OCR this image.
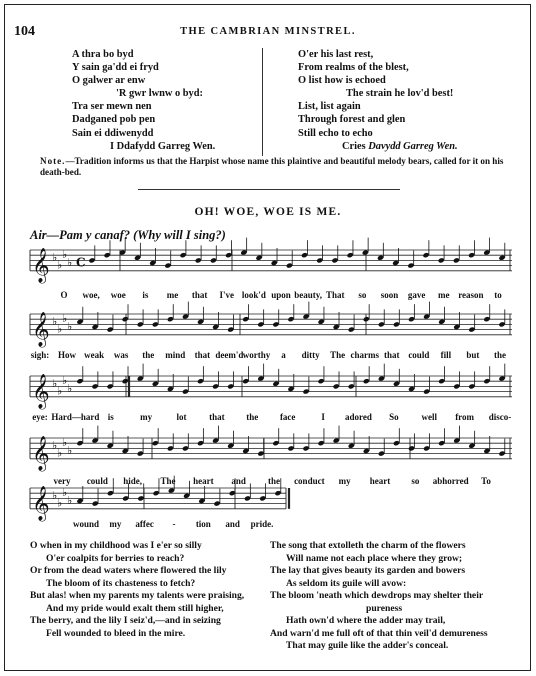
104	THE CAMBRIAN MINSTREL.
A thra bo byd
Y sain ga'dd ei fryd
O galwer ar enw
'R gwr lwnw o byd:
Tra ser mewn nen
Dadganed pob pen
Sain ei ddiwenydd
I Ddafydd Garreg Wen.
O'er his last rest,
From realms of the blest,
O list how is echoed
The strain he lov'd best!
List, list again
Through forest and glen
Still echo to echo
Cries Davydd Garreg Wen.
Note.—Tradition informs us that the Harpist whose name this plaintive and beautiful melody bears, called for it on his death-bed.
OH! WOE, WOE IS ME.
Air—Pam y canaf? (Why will I sing?)
𝄞 ♭
♭
♭
♭ C
O woe, woe is me that I've look'd upon beauty, That so soon gave me reason to
𝄞 ♭
♭
♭
♭
sigh: How weak was the mind that deem'd worthy a ditty The charms that could fill but the
𝄞 ♭
♭
♭
♭
eye: Hard—hard is	my	lot	that the face	I adored So	well from disco-
𝄞 ♭
♭
♭
♭
very could hide, The heart and the conduct my heart so abhorred To
𝄞 ♭
♭
♭
♭
wound my affec - tion and pride.
O when in my childhood was I e'er so silly
O'er coalpits for berries to reach?
Or from the dead waters where flowered the lily
The bloom of its chasteness to fetch?
But alas! when my parents my talents were praising,
And my pride would exalt them still higher,
The berry, and the lily I seiz'd,—and in seizing
Fell wounded to bleed in the mire.
The song that extolleth the charm of the flowers
Will name not each place where they grow;
The lay that gives beauty its garden and bowers
As seldom its guile will avow:
The bloom 'neath which dewdrops may shelter their
pureness
Hath own'd where the adder may trail,
And warn'd me full oft of that thin veil'd demureness
That may guile like the adder's conceal.
